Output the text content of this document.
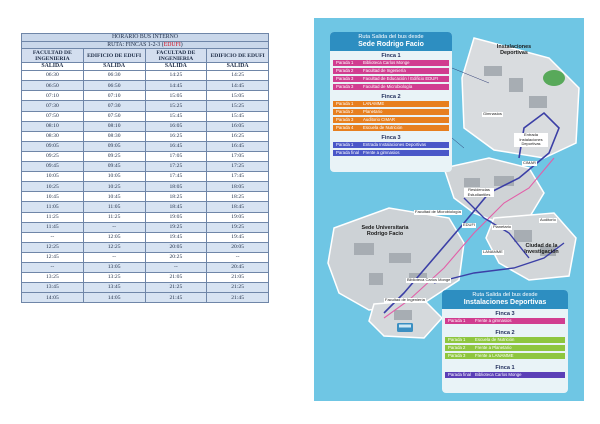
HORARIO BUS INTERNO			
RUTA: FINCAS 1-2-3 (EDUFI)			
FACULTAD DE INGENIERIA	EDIFICIO DE EDUFI	FACULTAD DE INGENIERIA	EDIFICIO DE EDUFI
SALIDA	SALIDA	SALIDA	SALIDA
06:30	06:30	14:25	14:25
06:50	06:50	14:45	14:45
07:10	07:10	15:05	15:05
07:30	07:30	15:25	15:25
07:50	07:50	15:45	15:45
08:10	08:10	16:05	16:05
08:30	08:30	16:25	16:25
09:05	09:05	16:45	16:45
09:25	09:25	17:05	17:05
09:45	09:45	17:25	17:25
10:05	10:05	17:45	17:45
10:25	10:25	18:05	18:05
10:45	10:45	18:25	18:25
11:05	11:05	18:45	18:45
11:25	11:25	19:05	19:05
11:45	--	19:25	19:25
--	12:05	19:45	19:45
12:25	12:25	20:05	20:05
12:45	--	20:25	--
--	13:05	--	20:45
13:25	13:25	21:05	21:05
13:45	13:45	21:25	21:25
14:05	14:05	21:45	21:45
Ruta Salida del bus desde
Sede Rodrigo Facio
Finca 1
Parada 1 Biblioteca Carlos Monge
Parada 2 Facultad de Ingeniería
Parada 3 Facultad de Educación / Edificio EDUFI
Parada 3 Facultad de Microbiología
Finca 2
Parada 1 LANAMME
Parada 2 Planetario
Parada 3 Auditorio CIMAR
Parada 4 Escuela de Nutrición
Finca 3
Parada 1 Entrada Instalaciones Deportivas
Parada final Frente a gimnasios
Ruta Salida del bus desde
Instalaciones Deportivas
Finca 3
Parada 1 Frente a gimnasios
Finca 2
Parada 1 Escuela de Nutrición
Parada 2 Frente a Planetario
Parada 3 Frente a LANAMME
Finca 1
Parada final Biblioteca Carlos Monge
Instalaciones Deportivas
Gimnasios
Entrada Instalaciones Deportivas
CIMAR
Residencias Estudiantiles
Facultad de Microbiología
EDUFI	Planetario
Auditorio
Ciudad de la Investigación
Sede Universitaria Rodrigo Facio
LANAMME
Biblioteca Carlos Monge
Facultad de Ingeniería
